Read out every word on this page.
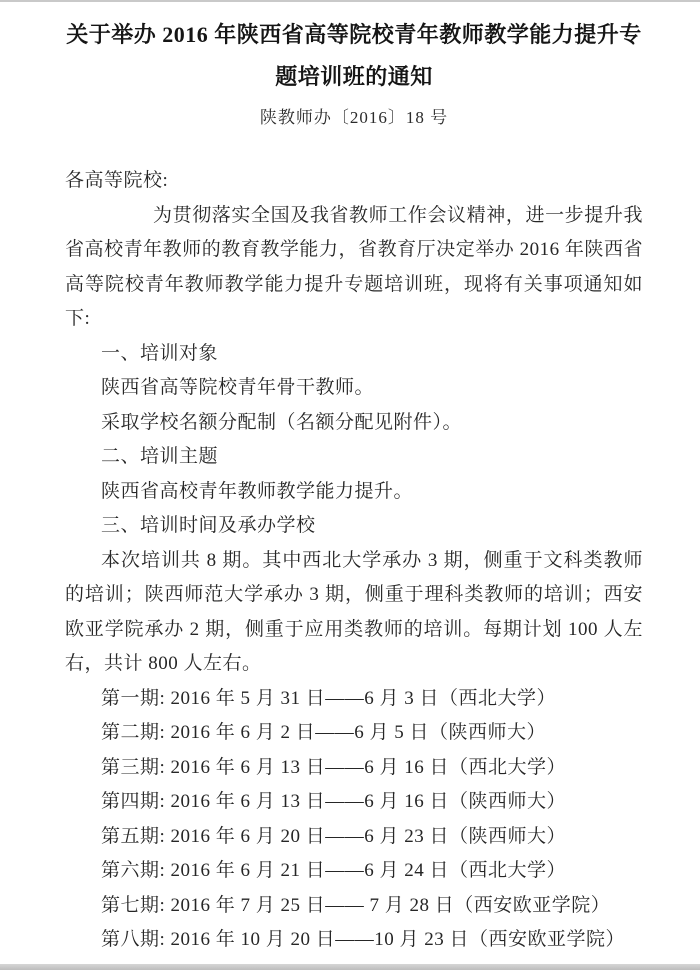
关于举办 2016 年陕西省高等院校青年教师教学能力提升专
题培训班的通知
陕教师办〔2016〕18 号
各高等院校:

为贯彻落实全国及我省教师工作会议精神，进一步提升我省高校青年教师的教育教学能力，省教育厅决定举办 2016 年陕西省高等院校青年教师教学能力提升专题培训班，现将有关事项通知如下:

一、培训对象
陕西省高等院校青年骨干教师。
采取学校名额分配制（名额分配见附件）。
二、培训主题
陕西省高校青年教师教学能力提升。
三、培训时间及承办学校

本次培训共 8 期。其中西北大学承办 3 期，侧重于文科类教师的培训；陕西师范大学承办 3 期，侧重于理科类教师的培训；西安欧亚学院承办 2 期，侧重于应用类教师的培训。每期计划 100 人左右，共计 800 人左右。

第一期: 2016 年 5 月 31 日——6 月 3 日（西北大学）
第二期: 2016 年 6 月 2 日——6 月 5 日（陕西师大）
第三期: 2016 年 6 月 13 日——6 月 16 日（西北大学）
第四期: 2016 年 6 月 13 日——6 月 16 日（陕西师大）
第五期: 2016 年 6 月 20 日——6 月 23 日（陕西师大）
第六期: 2016 年 6 月 21 日——6 月 24 日（西北大学）
第七期: 2016 年 7 月 25 日—— 7 月 28 日（西安欧亚学院）
第八期: 2016 年 10 月 20 日——10 月 23 日（西安欧亚学院）
